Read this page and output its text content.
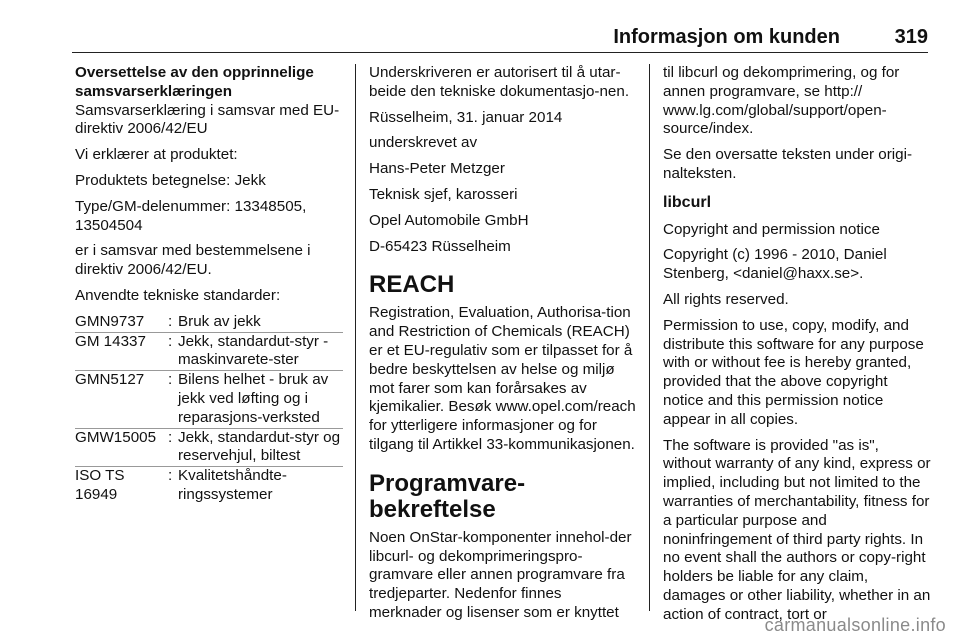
Informasjon om kunden	319

Oversettelse av den opprinnelige samsvarserklæringen

Samsvarserklæring i samsvar med EU-direktiv 2006/42/EU

Vi erklærer at produktet:

Produktets betegnelse: Jekk

Type/GM-delenummer: 13348505, 13504504

er i samsvar med bestemmelsene i direktiv 2006/42/EU.

Anvendte tekniske standarder:

GMN9737	:	Bruk av jekk
GM 14337	:	Jekk, standardut-styr - maskinvarete-ster
GMN5127	:	Bilens helhet - bruk av jekk ved løfting og i reparasjons-verksted
GMW15005	:	Jekk, standardut-styr og reservehjul, biltest
ISO TS 16949	:	Kvalitetshåndte-ringssystemer

Underskriveren er autorisert til å utar-beide den tekniske dokumentasjo-nen.

Rüsselheim, 31. januar 2014

underskrevet av

Hans-Peter Metzger

Teknisk sjef, karosseri

Opel Automobile GmbH

D-65423 Rüsselheim

REACH

Registration, Evaluation, Authorisa-tion and Restriction of Chemicals (REACH) er et EU-regulativ som er tilpasset for å bedre beskyttelsen av helse og miljø mot farer som kan forårsakes av kjemikalier. Besøk www.opel.com/reach for ytterligere informasjoner og for tilgang til Artikkel 33-kommunikasjonen.

Programvare-bekreftelse

Noen OnStar-komponenter innehol-der libcurl- og dekomprimeringspro-gramvare eller annen programvare fra tredjeparter. Nedenfor finnes merknader og lisenser som er knyttet

til libcurl og dekomprimering, og for annen programvare, se http:// www.lg.com/global/support/open-source/index.

Se den oversatte teksten under origi-nalteksten.

libcurl

Copyright and permission notice

Copyright (c) 1996 - 2010, Daniel Stenberg, <daniel@haxx.se>.

All rights reserved.

Permission to use, copy, modify, and distribute this software for any purpose with or without fee is hereby granted, provided that the above copyright notice and this permission notice appear in all copies.

The software is provided "as is", without warranty of any kind, express or implied, including but not limited to the warranties of merchantability, fitness for a particular purpose and noninfringement of third party rights. In no event shall the authors or copy-right holders be liable for any claim, damages or other liability, whether in an action of contract, tort or

carmanualsonline.info
